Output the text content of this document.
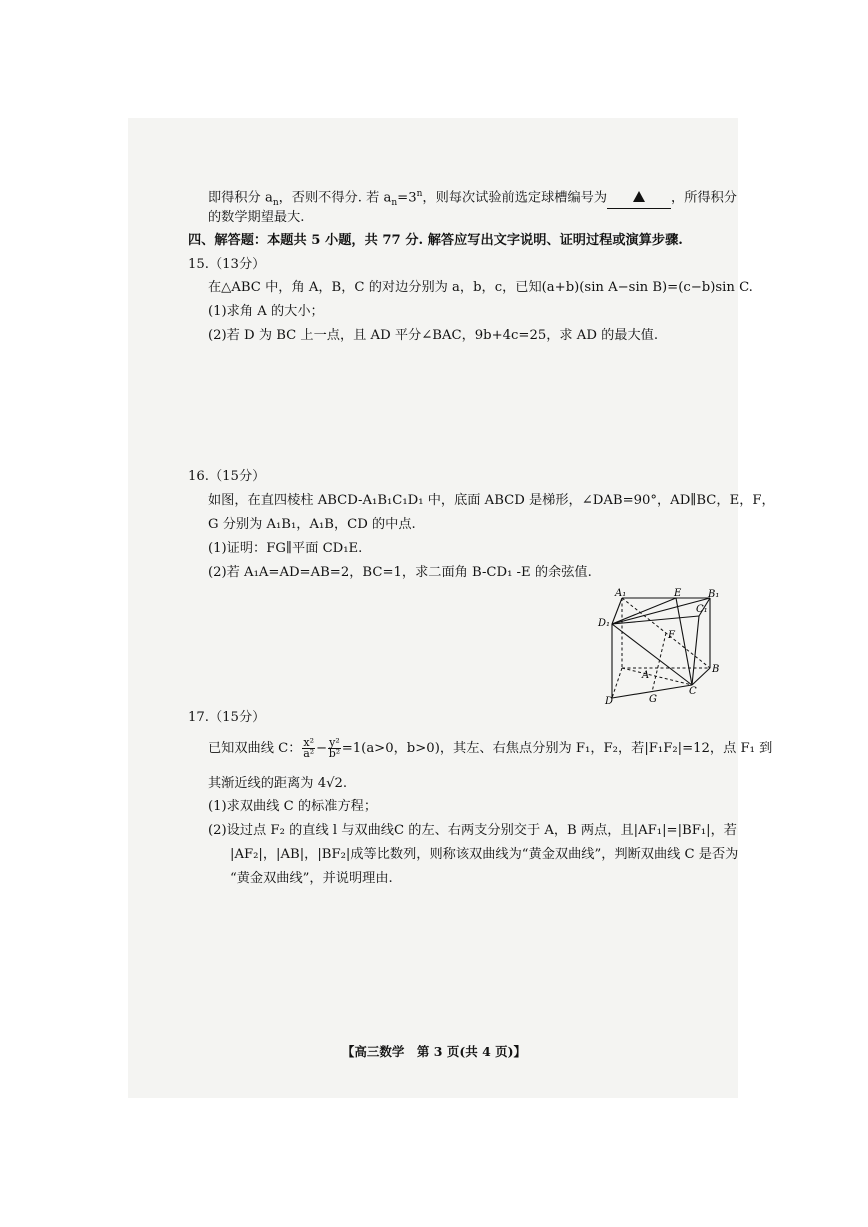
即得积分 $a_n$，否则不得分. 若 $a_n=3^n$，则每次试验前选定球槽编号为	，所得积分
的数学期望最大.
四、解答题：本题共 5 小题，共 77 分. 解答应写出文字说明、证明过程或演算步骤.
15.（13分）
在△ABC 中，角 A，B，C 的对边分别为 a，b，c，已知(a+b)(sin A−sin B)=(c−b)sin C.
(1)求角 A 的大小；
(2)若 D 为 BC 上一点，且 AD 平分∠BAC，9b+4c=25，求 AD 的最大值.
16.（15分）
如图，在直四棱柱 ABCD-A₁B₁C₁D₁ 中，底面 ABCD 是梯形，∠DAB=90°，AD∥BC，E，F，
G 分别为 A₁B₁，A₁B，CD 的中点.
(1)证明：FG∥平面 CD₁E.
(2)若 A₁A=AD=AB=2，BC=1，求二面角 B-CD₁ -E 的余弦值.
A₁	E	B₁
C₁
D₁
F
B
A
C
D	G
17.（15分）
已知双曲线 C： $\frac{\text{x²}}{\text{a²}} - \frac{\text{y²}}{\text{b²}} =1(a>0$，b>0)，其左、右焦点分别为 F₁，F₂，若|F₁F₂|=12，点 F₁ 到
其渐近线的距离为 4√2.
(1)求双曲线 C 的标准方程；
(2)设过点 F₂ 的直线 l 与双曲线C 的左、右两支分别交于 A，B 两点，且|AF₁|=|BF₁|，若
|AF₂|，|AB|，|BF₂|成等比数列，则称该双曲线为“黄金双曲线”，判断双曲线 C 是否为
“黄金双曲线”，并说明理由.
【高三数学　第 3 页(共 4 页)】
